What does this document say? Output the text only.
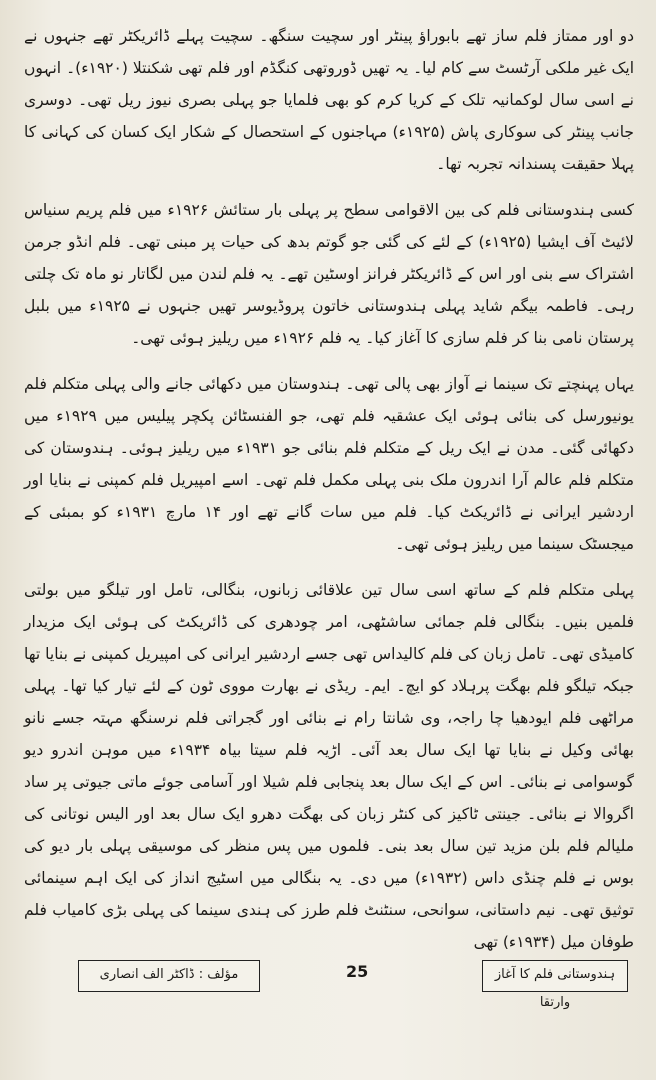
دو اور ممتاز فلم ساز تھے بابوراؤ پینٹر اور سچیت سنگھ۔ سچیت پہلے ڈائریکٹر تھے جنہوں نے ایک غیر ملکی آرٹسٹ سے کام لیا۔ یہ تھیں ڈوروتھی کنگڈم اور فلم تھی شکنتلا (۱۹۲۰ء)۔ انہوں نے اسی سال لوکمانیہ تلک کے کریا کرم کو بھی فلمایا جو پہلی بصری نیوز ریل تھی۔ دوسری جانب پینٹر کی سوکاری پاش (۱۹۲۵ء) مہاجنوں کے استحصال کے شکار ایک کسان کی کہانی کا پہلا حقیقت پسندانہ تجربہ تھا۔

کسی ہندوستانی فلم کی بین الاقوامی سطح پر پہلی بار ستائش ۱۹۲۶ء میں فلم پریم سنیاس لائیٹ آف ایشیا (۱۹۲۵ء) کے لئے کی گئی جو گوتم بدھ کی حیات پر مبنی تھی۔ فلم انڈو جرمن اشتراک سے بنی اور اس کے ڈائریکٹر فرانز اوسٹین تھے۔ یہ فلم لندن میں لگاتار نو ماہ تک چلتی رہی۔ فاطمہ بیگم شاید پہلی ہندوستانی خاتون پروڈیوسر تھیں جنہوں نے ۱۹۲۵ء میں بلبل پرستان نامی بنا کر فلم سازی کا آغاز کیا۔ یہ فلم ۱۹۲۶ء میں ریلیز ہوئی تھی۔

یہاں پہنچتے تک سینما نے آواز بھی پالی تھی۔ ہندوستان میں دکھائی جانے والی پہلی متکلم فلم یونیورسل کی بنائی ہوئی ایک عشقیہ فلم تھی، جو الفنسٹائن پکچر پیلیس میں ۱۹۲۹ء میں دکھائی گئی۔ مدن نے ایک ریل کے متکلم فلم بنائی جو ۱۹۳۱ء میں ریلیز ہوئی۔ ہندوستان کی متکلم فلم عالم آرا اندرون ملک بنی پہلی مکمل فلم تھی۔ اسے امپیریل فلم کمپنی نے بنایا اور اردشیر ایرانی نے ڈائریکٹ کیا۔ فلم میں سات گانے تھے اور ۱۴ مارچ ۱۹۳۱ء کو بمبئی کے میجسٹک سینما میں ریلیز ہوئی تھی۔

پہلی متکلم فلم کے ساتھ اسی سال تین علاقائی زبانوں، بنگالی، تامل اور تیلگو میں بولتی فلمیں بنیں۔ بنگالی فلم جمائی ساشٹھی، امر چودھری کی ڈائریکٹ کی ہوئی ایک مزیدار کامیڈی تھی۔ تامل زبان کی فلم کالیداس تھی جسے اردشیر ایرانی کی امپیریل کمپنی نے بنایا تھا جبکہ تیلگو فلم بھگت پرہلاد کو ایچ۔ ایم۔ ریڈی نے بھارت مووی ٹون کے لئے تیار کیا تھا۔ پہلی مراٹھی فلم ایودھیا چا راجہ، وی شانتا رام نے بنائی اور گجراتی فلم نرسنگھ مہتہ جسے نانو بھائی وکیل نے بنایا تھا ایک سال بعد آئی۔ اڑیہ فلم سیتا بیاہ ۱۹۳۴ء میں موہن اندرو دیو گوسوامی نے بنائی۔ اس کے ایک سال بعد پنجابی فلم شیلا اور آسامی جوئے ماتی جیوتی پر ساد اگروالا نے بنائی۔ جینتی ٹاکیز کی کنٹر زبان کی بھگت دھرو ایک سال بعد اور الیس نوتانی کی ملیالم فلم بلن مزید تین سال بعد بنی۔ فلموں میں پس منظر کی موسیقی پہلی بار دیو کی بوس نے فلم چنڈی داس (۱۹۳۲ء) میں دی۔ یہ بنگالی میں اسٹیج انداز کی ایک اہم سینمائی توثیق تھی۔ نیم داستانی، سوانحی، سنٹنٹ فلم طرز کی ہندی سینما کی پہلی بڑی کامیاب فلم طوفان میل (۱۹۳۴ء) تھی

مؤلف : ڈاکٹر الف انصاری	25	ہندوستانی فلم کا آغاز وارتقا
